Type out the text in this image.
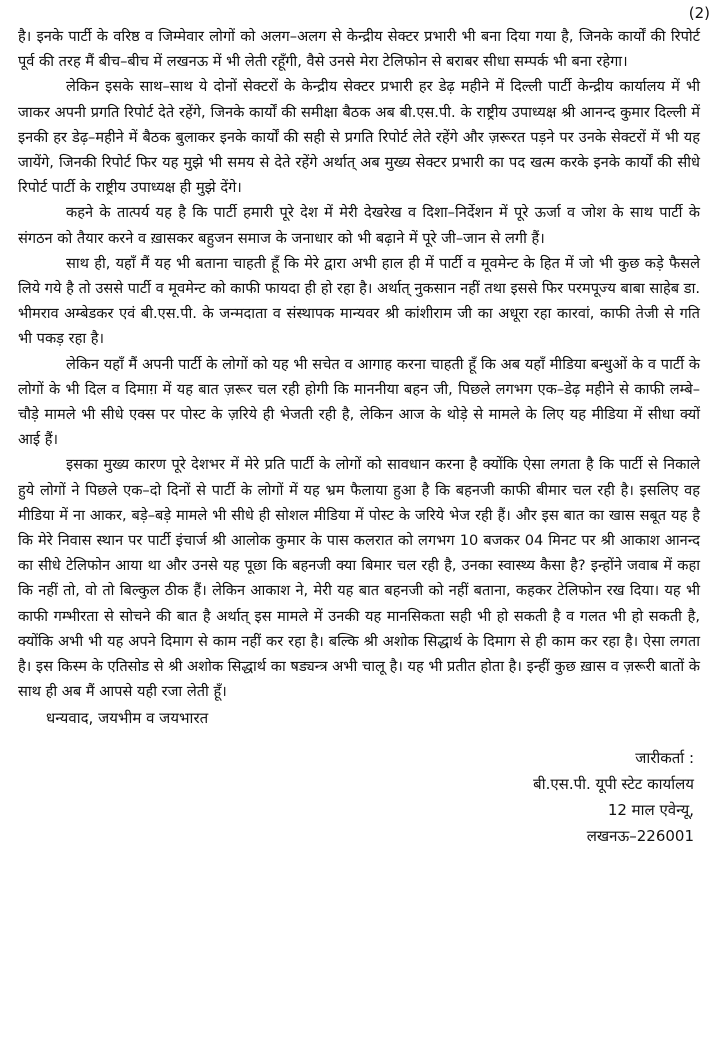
(2)

है। इनके पार्टी के वरिष्ठ व जिम्मेवार लोगों को अलग–अलग से केन्द्रीय सेक्टर प्रभारी भी बना दिया गया है, जिनके कार्यों की रिपोर्ट पूर्व की तरह मैं बीच–बीच में लखनऊ में भी लेती रहूँगी, वैसे उनसे मेरा टेलिफोन से बराबर सीधा सम्पर्क भी बना रहेगा।

लेकिन इसके साथ–साथ ये दोनों सेक्टरों के केन्द्रीय सेक्टर प्रभारी हर डेढ़ महीने में दिल्ली पार्टी केन्द्रीय कार्यालय में भी जाकर अपनी प्रगति रिपोर्ट देते रहेंगे, जिनके कार्यों की समीक्षा बैठक अब बी.एस.पी. के राष्ट्रीय उपाध्यक्ष श्री आनन्द कुमार दिल्ली में इनकी हर डेढ़–महीने में बैठक बुलाकर इनके कार्यों की सही से प्रगति रिपोर्ट लेते रहेंगे और ज़रूरत पड़ने पर उनके सेक्टरों में भी यह जायेंगे, जिनकी रिपोर्ट फिर यह मुझे भी समय से देते रहेंगे अर्थात् अब मुख्य सेक्टर प्रभारी का पद खत्म करके इनके कार्यों की सीधे रिपोर्ट पार्टी के राष्ट्रीय उपाध्यक्ष ही मुझे देंगे।

कहने के तात्पर्य यह है कि पार्टी हमारी पूरे देश में मेरी देखरेख व दिशा–निर्देशन में पूरे ऊर्जा व जोश के साथ पार्टी के संगठन को तैयार करने व ख़ासकर बहुजन समाज के जनाधार को भी बढ़ाने में पूरे जी–जान से लगी हैं।

साथ ही, यहाँ मैं यह भी बताना चाहती हूँ कि मेरे द्वारा अभी हाल ही में पार्टी व मूवमेन्ट के हित में जो भी कुछ कड़े फैसले लिये गये है तो उससे पार्टी व मूवमेन्ट को काफी फायदा ही हो रहा है। अर्थात् नुकसान नहीं तथा इससे फिर परमपूज्य बाबा साहेब डा. भीमराव अम्बेडकर एवं बी.एस.पी. के जन्मदाता व संस्थापक मान्यवर श्री कांशीराम जी का अधूरा रहा कारवां, काफी तेजी से गति भी पकड़ रहा है।

लेकिन यहाँ मैं अपनी पार्टी के लोगों को यह भी सचेत व आगाह करना चाहती हूँ कि अब यहाँ मीडिया बन्धुओं के व पार्टी के लोगों के भी दिल व दिमाग़ में यह बात ज़रूर चल रही होगी कि माननीया बहन जी, पिछले लगभग एक–डेढ़ महीने से काफी लम्बे–चौड़े मामले भी सीधे एक्स पर पोस्ट के ज़रिये ही भेजती रही है, लेकिन आज के थोड़े से मामले के लिए यह मीडिया में सीधा क्यों आई हैं।

इसका मुख्य कारण पूरे देशभर में मेरे प्रति पार्टी के लोगों को सावधान करना है क्योंकि ऐसा लगता है कि पार्टी से निकाले हुये लोगों ने पिछले एक–दो दिनों से पार्टी के लोगों में यह भ्रम फैलाया हुआ है कि बहनजी काफी बीमार चल रही है। इसलिए वह मीडिया में ना आकर, बड़े–बड़े मामले भी सीधे ही सोशल मीडिया में पोस्ट के जरिये भेज रही हैं। और इस बात का खास सबूत यह है कि मेरे निवास स्थान पर पार्टी इंचार्ज श्री आलोक कुमार के पास कलरात को लगभग 10 बजकर 04 मिनट पर श्री आकाश आनन्द का सीधे टेलिफोन आया था और उनसे यह पूछा कि बहनजी क्या बिमार चल रही है, उनका स्वास्थ्य कैसा है? इन्होंने जवाब में कहा कि नहीं तो, वो तो बिल्कुल ठीक हैं। लेकिन आकाश ने, मेरी यह बात बहनजी को नहीं बताना, कहकर टेलिफोन रख दिया। यह भी काफी गम्भीरता से सोचने की बात है अर्थात् इस मामले में उनकी यह मानसिकता सही भी हो सकती है व गलत भी हो सकती है, क्योंकि अभी भी यह अपने दिमाग से काम नहीं कर रहा है। बल्कि श्री अशोक सिद्धार्थ के दिमाग से ही काम कर रहा है। ऐसा लगता है। इस किस्म के एतिसोड से श्री अशोक सिद्धार्थ का षड्यन्त्र अभी चालू है। यह भी प्रतीत होता है। इन्हीं कुछ ख़ास व ज़रूरी बातों के साथ ही अब मैं आपसे यही रजा लेती हूँ।

धन्यवाद, जयभीम व जयभारत
जारीकर्ता :
बी.एस.पी. यूपी स्टेट कार्यालय
12 माल एवेन्यू,
लखनऊ–226001
